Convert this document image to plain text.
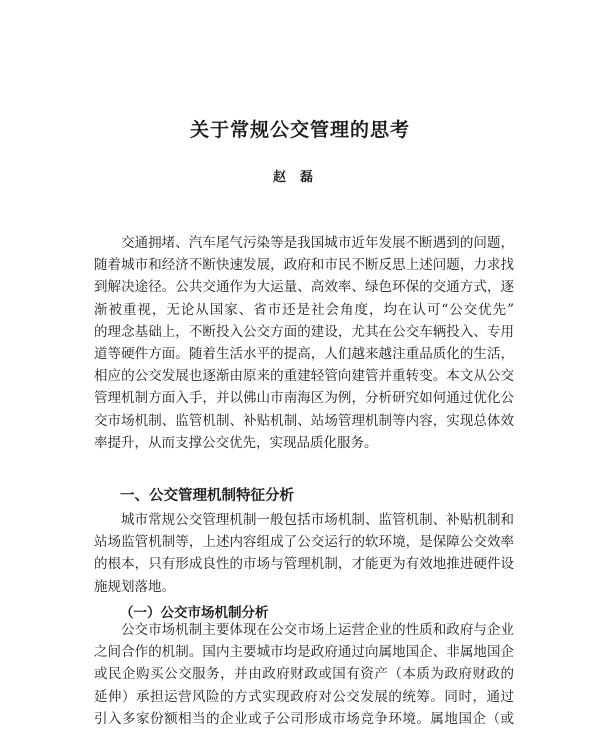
关于常规公交管理的思考
赵磊
交通拥堵、汽车尾气污染等是我国城市近年发展不断遇到的问题，
随着城市和经济不断快速发展，政府和市民不断反思上述问题，力求找
到解决途径。公共交通作为大运量、高效率、绿色环保的交通方式，逐
渐被重视，无论从国家、省市还是社会角度，均在认可“公交优先”
的理念基础上，不断投入公交方面的建设，尤其在公交车辆投入、专用
道等硬件方面。随着生活水平的提高，人们越来越注重品质化的生活，
相应的公交发展也逐渐由原来的重建轻管向建管并重转变。本文从公交
管理机制方面入手，并以佛山市南海区为例，分析研究如何通过优化公
交市场机制、监管机制、补贴机制、站场管理机制等内容，实现总体效
率提升，从而支撑公交优先，实现品质化服务。
一、公交管理机制特征分析
城市常规公交管理机制一般包括市场机制、监管机制、补贴机制和
站场监管机制等，上述内容组成了公交运行的软环境，是保障公交效率
的根本，只有形成良性的市场与管理机制，才能更为有效地推进硬件设
施规划落地。
（一）公交市场机制分析
公交市场机制主要体现在公交市场上运营企业的性质和政府与企业
之间合作的机制。国内主要城市均是政府通过向属地国企、非属地国企
或民企购买公交服务，并由政府财政或国有资产（本质为政府财政的
延伸）承担运营风险的方式实现政府对公交发展的统筹。同时，通过
引入多家份额相当的企业或子公司形成市场竞争环境。属地国企（或
